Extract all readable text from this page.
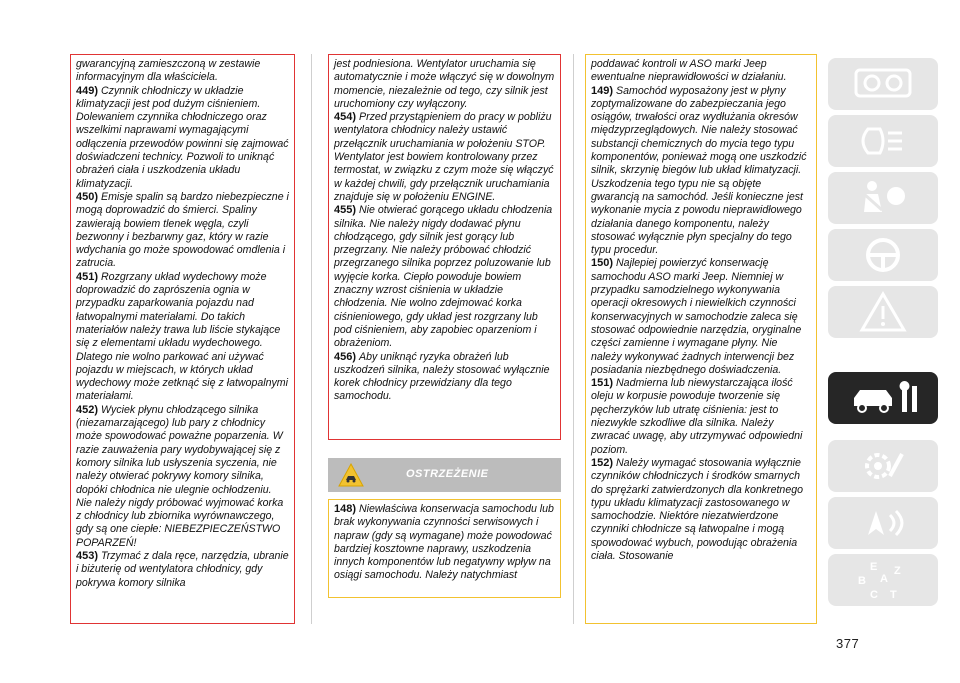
gwarancyjną zamieszczoną w zestawie informacyjnym dla właściciela.

449) Czynnik chłodniczy w układzie klimatyzacji jest pod dużym ciśnieniem. Dolewaniem czynnika chłodniczego oraz wszelkimi naprawami wymagającymi odłączenia przewodów powinni się zajmować doświadczeni technicy. Pozwoli to uniknąć obrażeń ciała i uszkodzenia układu klimatyzacji.

450) Emisje spalin są bardzo niebezpieczne i mogą doprowadzić do śmierci. Spaliny zawierają bowiem tlenek węgla, czyli bezwonny i bezbarwny gaz, który w razie wdychania go może spowodować omdlenia i zatrucia.

451) Rozgrzany układ wydechowy może doprowadzić do zaprószenia ognia w przypadku zaparkowania pojazdu nad łatwopalnymi materiałami. Do takich materiałów należy trawa lub liście stykające się z elementami układu wydechowego. Dlatego nie wolno parkować ani używać pojazdu w miejscach, w których układ wydechowy może zetknąć się z łatwopalnymi materiałami.

452) Wyciek płynu chłodzącego silnika (niezamarzającego) lub pary z chłodnicy może spowodować poważne poparzenia. W razie zauważenia pary wydobywającej się z komory silnika lub usłyszenia syczenia, nie należy otwierać pokrywy komory silnika, dopóki chłodnica nie ulegnie ochłodzeniu. Nie należy nigdy próbować wyjmować korka z chłodnicy lub zbiornika wyrównawczego, gdy są one ciepłe: NIEBEZPIECZEŃSTWO POPARZEŃ!

453) Trzymać z dala ręce, narzędzia, ubranie i biżuterię od wentylatora chłodnicy, gdy pokrywa komory silnika

jest podniesiona. Wentylator uruchamia się automatycznie i może włączyć się w dowolnym momencie, niezależnie od tego, czy silnik jest uruchomiony czy wyłączony.

454) Przed przystąpieniem do pracy w pobliżu wentylatora chłodnicy należy ustawić przełącznik uruchamiania w położeniu STOP. Wentylator jest bowiem kontrolowany przez termostat, w związku z czym może się włączyć w każdej chwili, gdy przełącznik uruchamiania znajduje się w położeniu ENGINE.

455) Nie otwierać gorącego układu chłodzenia silnika. Nie należy nigdy dodawać płynu chłodzącego, gdy silnik jest gorący lub przegrzany. Nie należy próbować chłodzić przegrzanego silnika poprzez poluzowanie lub wyjęcie korka. Ciepło powoduje bowiem znaczny wzrost ciśnienia w układzie chłodzenia. Nie wolno zdejmować korka ciśnieniowego, gdy układ jest rozgrzany lub pod ciśnieniem, aby zapobiec oparzeniom i obrażeniom.

456) Aby uniknąć ryzyka obrażeń lub uszkodzeń silnika, należy stosować wyłącznie korek chłodnicy przewidziany dla tego samochodu.

OSTRZEŻENIE

148) Niewłaściwa konserwacja samochodu lub brak wykonywania czynności serwisowych i napraw (gdy są wymagane) może powodować bardziej kosztowne naprawy, uszkodzenia innych komponentów lub negatywny wpływ na osiągi samochodu. Należy natychmiast

poddawać kontroli w ASO marki Jeep ewentualne nieprawidłowości w działaniu.

149) Samochód wyposażony jest w płyny zoptymalizowane do zabezpieczania jego osiągów, trwałości oraz wydłużania okresów międzyprzeglądowych. Nie należy stosować substancji chemicznych do mycia tego typu komponentów, ponieważ mogą one uszkodzić silnik, skrzynię biegów lub układ klimatyzacji. Uszkodzenia tego typu nie są objęte gwarancją na samochód. Jeśli konieczne jest wykonanie mycia z powodu nieprawidłowego działania danego komponentu, należy stosować wyłącznie płyn specjalny do tego typu procedur.

150) Najlepiej powierzyć konserwację samochodu ASO marki Jeep. Niemniej w przypadku samodzielnego wykonywania operacji okresowych i niewielkich czynności konserwacyjnych w samochodzie zaleca się stosować odpowiednie narzędzia, oryginalne części zamienne i wymagane płyny. Nie należy wykonywać żadnych interwencji bez posiadania niezbędnego doświadczenia.

151) Nadmierna lub niewystarczająca ilość oleju w korpusie powoduje tworzenie się pęcherzyków lub utratę ciśnienia: jest to niezwykle szkodliwe dla silnika. Należy zwracać uwagę, aby utrzymywać odpowiedni poziom.

152) Należy wymagać stosowania wyłącznie czynników chłodniczych i środków smarnych do sprężarki zatwierdzonych dla konkretnego typu układu klimatyzacji zastosowanego w samochodzie. Niektóre niezatwierdzone czynniki chłodnicze są łatwopalne i mogą spowodować wybuch, powodując obrażenia ciała. Stosowanie

E
B A
C T
Z
377
